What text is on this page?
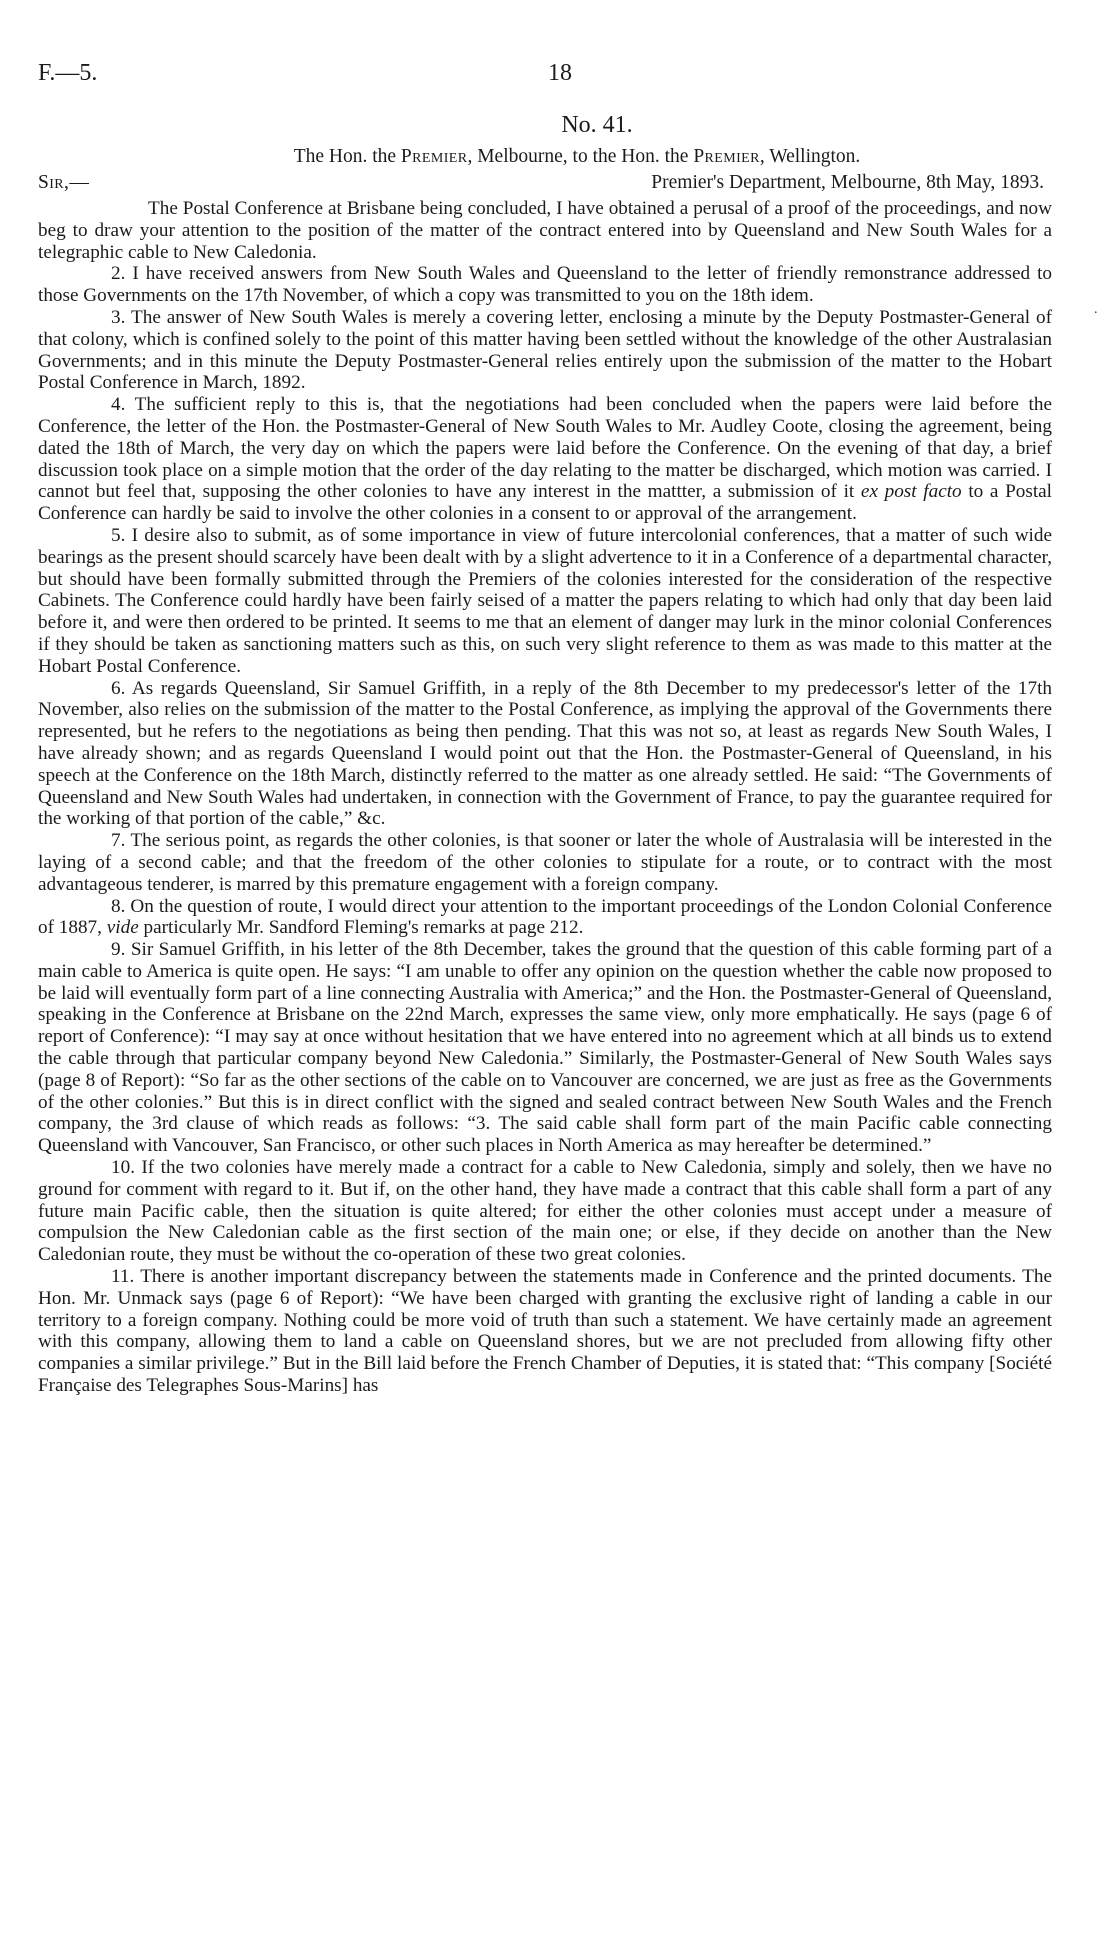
F.—5.	18
No. 41.
The Hon. the Premier, Melbourne, to the Hon. the Premier, Wellington.
Sir,—	Premier's Department, Melbourne, 8th May, 1893.

The Postal Conference at Brisbane being concluded, I have obtained a perusal of a proof of the proceedings, and now beg to draw your attention to the position of the matter of the contract entered into by Queensland and New South Wales for a telegraphic cable to New Caledonia.

2. I have received answers from New South Wales and Queensland to the letter of friendly remonstrance addressed to those Governments on the 17th November, of which a copy was transmitted to you on the 18th idem.

3. The answer of New South Wales is merely a covering letter, enclosing a minute by the Deputy Postmaster-General of that colony, which is confined solely to the point of this matter having been settled without the knowledge of the other Australasian Governments; and in this minute the Deputy Postmaster-General relies entirely upon the submission of the matter to the Hobart Postal Conference in March, 1892.

4. The sufficient reply to this is, that the negotiations had been concluded when the papers were laid before the Conference, the letter of the Hon. the Postmaster-General of New South Wales to Mr. Audley Coote, closing the agreement, being dated the 18th of March, the very day on which the papers were laid before the Conference. On the evening of that day, a brief discussion took place on a simple motion that the order of the day relating to the matter be discharged, which motion was carried. I cannot but feel that, supposing the other colonies to have any interest in the mattter, a submission of it ex post facto to a Postal Conference can hardly be said to involve the other colonies in a consent to or approval of the arrangement.

5. I desire also to submit, as of some importance in view of future intercolonial conferences, that a matter of such wide bearings as the present should scarcely have been dealt with by a slight advertence to it in a Conference of a departmental character, but should have been formally submitted through the Premiers of the colonies interested for the consideration of the respective Cabinets. The Conference could hardly have been fairly seised of a matter the papers relating to which had only that day been laid before it, and were then ordered to be printed. It seems to me that an element of danger may lurk in the minor colonial Conferences if they should be taken as sanctioning matters such as this, on such very slight reference to them as was made to this matter at the Hobart Postal Conference.

6. As regards Queensland, Sir Samuel Griffith, in a reply of the 8th December to my predecessor's letter of the 17th November, also relies on the submission of the matter to the Postal Conference, as implying the approval of the Governments there represented, but he refers to the negotiations as being then pending. That this was not so, at least as regards New South Wales, I have already shown; and as regards Queensland I would point out that the Hon. the Postmaster-General of Queensland, in his speech at the Conference on the 18th March, distinctly referred to the matter as one already settled. He said: “The Governments of Queensland and New South Wales had undertaken, in connection with the Government of France, to pay the guarantee required for the working of that portion of the cable,” &c.

7. The serious point, as regards the other colonies, is that sooner or later the whole of Australasia will be interested in the laying of a second cable; and that the freedom of the other colonies to stipulate for a route, or to contract with the most advantageous tenderer, is marred by this premature engagement with a foreign company.

8. On the question of route, I would direct your attention to the important proceedings of the London Colonial Conference of 1887, vide particularly Mr. Sandford Fleming's remarks at page 212.

9. Sir Samuel Griffith, in his letter of the 8th December, takes the ground that the question of this cable forming part of a main cable to America is quite open. He says: “I am unable to offer any opinion on the question whether the cable now proposed to be laid will eventually form part of a line connecting Australia with America;” and the Hon. the Postmaster-General of Queensland, speaking in the Conference at Brisbane on the 22nd March, expresses the same view, only more emphatically. He says (page 6 of report of Conference): “I may say at once without hesitation that we have entered into no agreement which at all binds us to extend the cable through that particular company beyond New Caledonia.” Similarly, the Postmaster-General of New South Wales says (page 8 of Report): “So far as the other sections of the cable on to Vancouver are concerned, we are just as free as the Governments of the other colonies.” But this is in direct conflict with the signed and sealed contract between New South Wales and the French company, the 3rd clause of which reads as follows: “3. The said cable shall form part of the main Pacific cable connecting Queensland with Vancouver, San Francisco, or other such places in North America as may hereafter be determined.”

10. If the two colonies have merely made a contract for a cable to New Caledonia, simply and solely, then we have no ground for comment with regard to it. But if, on the other hand, they have made a contract that this cable shall form a part of any future main Pacific cable, then the situation is quite altered; for either the other colonies must accept under a measure of compulsion the New Caledonian cable as the first section of the main one; or else, if they decide on another than the New Caledonian route, they must be without the co-operation of these two great colonies.

11. There is another important discrepancy between the statements made in Conference and the printed documents. The Hon. Mr. Unmack says (page 6 of Report): “We have been charged with granting the exclusive right of landing a cable in our territory to a foreign company. Nothing could be more void of truth than such a statement. We have certainly made an agreement with this company, allowing them to land a cable on Queensland shores, but we are not precluded from allowing fifty other companies a similar privilege.” But in the Bill laid before the French Chamber of Deputies, it is stated that: “This company [Société Française des Telegraphes Sous-Marins] has

.
